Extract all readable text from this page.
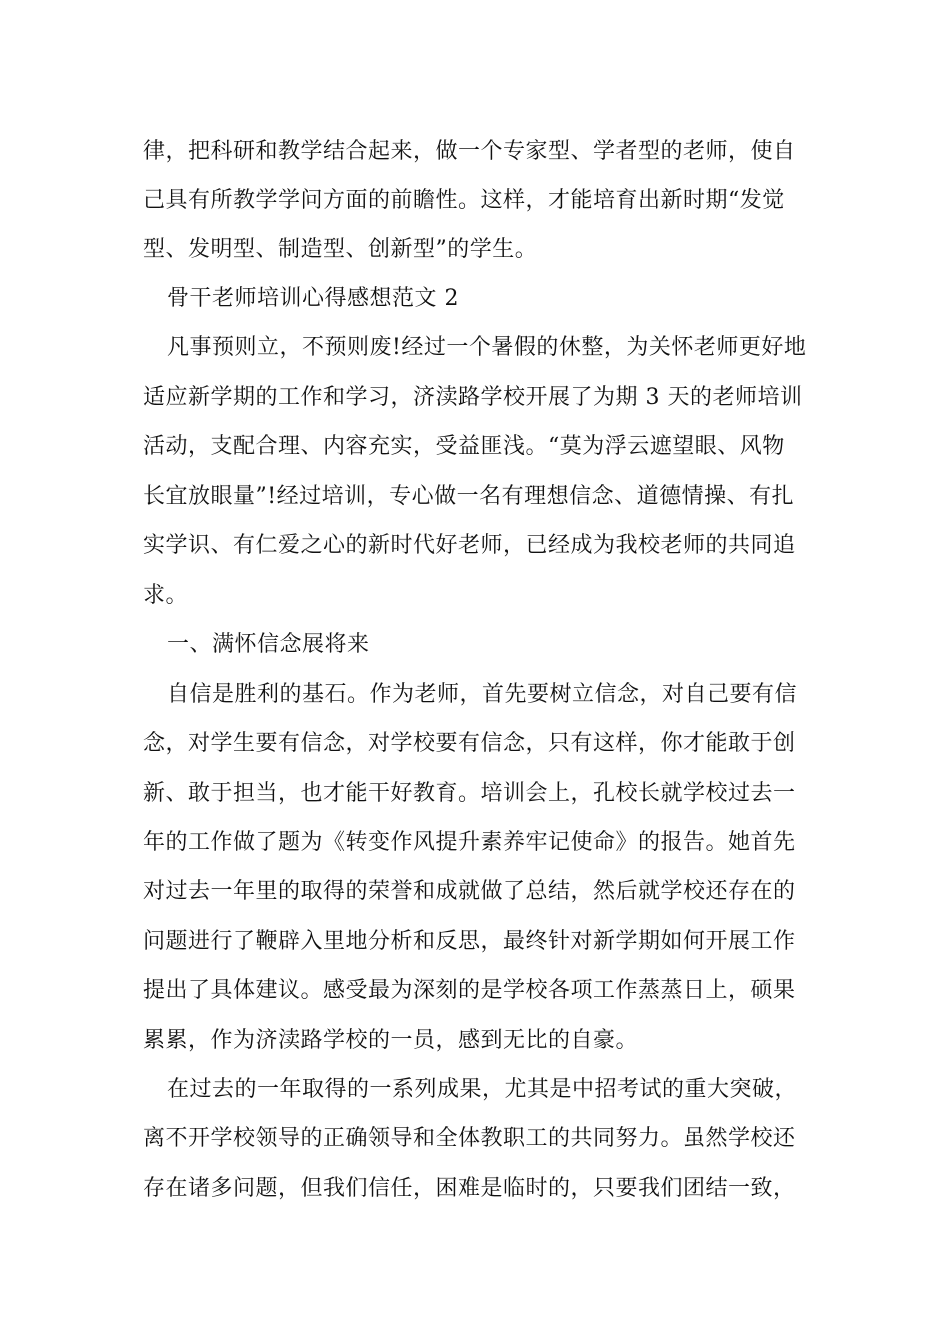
律，把科研和教学结合起来，做一个专家型、学者型的老师，使自
己具有所教学学问方面的前瞻性。这样，才能培育出新时期“发觉
型、发明型、制造型、创新型”的学生。
骨干老师培训心得感想范文 2
凡事预则立，不预则废!经过一个暑假的休整，为关怀老师更好地
适应新学期的工作和学习，济渎路学校开展了为期 3 天的老师培训
活动，支配合理、内容充实，受益匪浅。“莫为浮云遮望眼、风物
长宜放眼量”!经过培训，专心做一名有理想信念、道德情操、有扎
实学识、有仁爱之心的新时代好老师，已经成为我校老师的共同追
求。
一、满怀信念展将来
自信是胜利的基石。作为老师，首先要树立信念，对自己要有信
念，对学生要有信念，对学校要有信念，只有这样，你才能敢于创
新、敢于担当，也才能干好教育。培训会上，孔校长就学校过去一
年的工作做了题为《转变作风提升素养牢记使命》的报告。她首先
对过去一年里的取得的荣誉和成就做了总结，然后就学校还存在的
问题进行了鞭辟入里地分析和反思，最终针对新学期如何开展工作
提出了具体建议。感受最为深刻的是学校各项工作蒸蒸日上，硕果
累累，作为济渎路学校的一员，感到无比的自豪。
在过去的一年取得的一系列成果，尤其是中招考试的重大突破，
离不开学校领导的正确领导和全体教职工的共同努力。虽然学校还
存在诸多问题，但我们信任，困难是临时的，只要我们团结一致，
